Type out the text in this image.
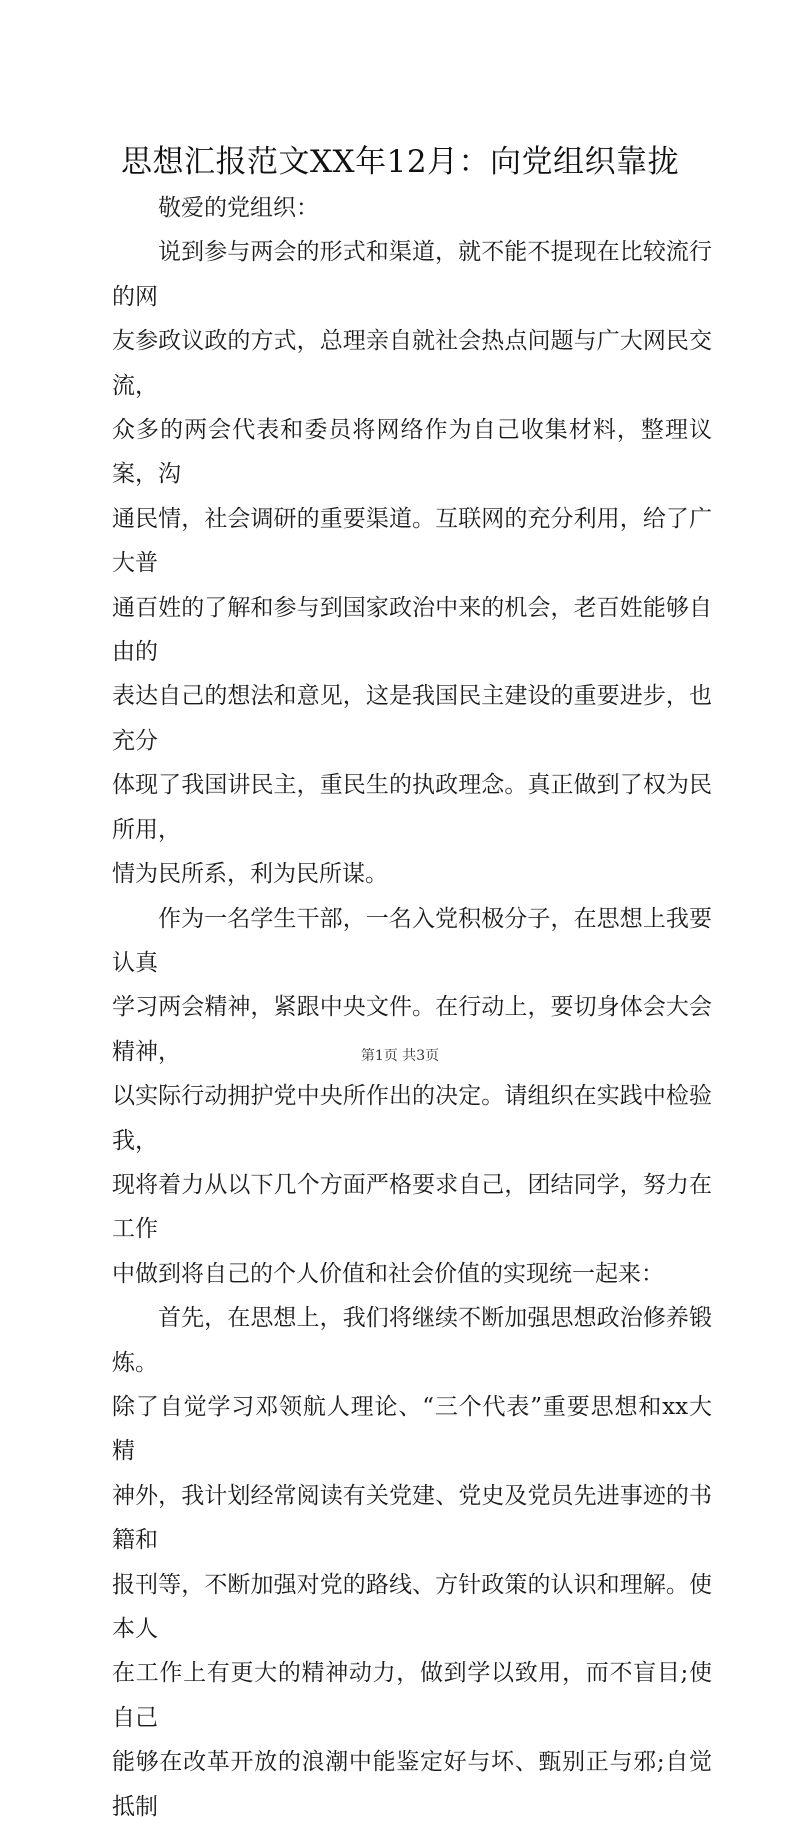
思想汇报范文XX年12月：向党组织靠拢

敬爱的党组织：

说到参与两会的形式和渠道，就不能不提现在比较流行的网
友参政议政的方式，总理亲自就社会热点问题与广大网民交流，
众多的两会代表和委员将网络作为自己收集材料，整理议案，沟
通民情，社会调研的重要渠道。互联网的充分利用，给了广大普
通百姓的了解和参与到国家政治中来的机会，老百姓能够自由的
表达自己的想法和意见，这是我国民主建设的重要进步，也充分
体现了我国讲民主，重民生的执政理念。真正做到了权为民所用，
情为民所系，利为民所谋。

作为一名学生干部，一名入党积极分子，在思想上我要认真
学习两会精神，紧跟中央文件。在行动上，要切身体会大会精神，
以实际行动拥护党中央所作出的决定。请组织在实践中检验我，
现将着力从以下几个方面严格要求自己，团结同学，努力在工作
中做到将自己的个人价值和社会价值的实现统一起来：

首先，在思想上，我们将继续不断加强思想政治修养锻炼。
除了自觉学习邓领航人理论、“三个代表”重要思想和xx大精
神外，我计划经常阅读有关党建、党史及党员先进事迹的书籍和
报刊等，不断加强对党的路线、方针政策的认识和理解。使本人
在工作上有更大的精神动力，做到学以致用，而不盲目;使自己
能够在改革开放的浪潮中能鉴定好与坏、甄别正与邪;自觉抵制

第1页 共3页
